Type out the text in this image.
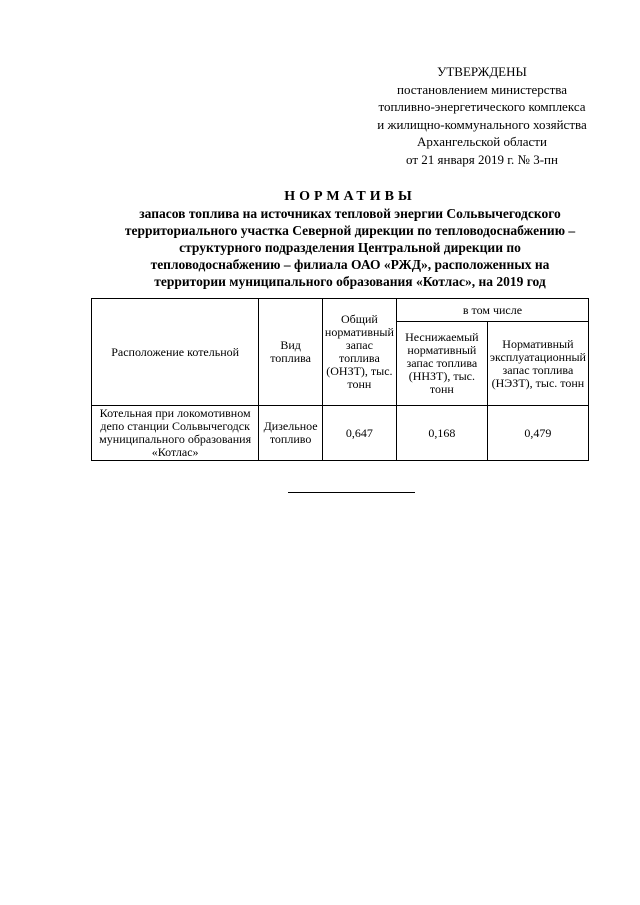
УТВЕРЖДЕНЫ
постановлением министерства
топливно-энергетического комплекса
и жилищно-коммунального хозяйства
Архангельской области
от 21 января 2019 г. № 3-пн
НОРМАТИВЫ
запасов топлива на источниках тепловой энергии Сольвычегодского
территориального участка Северной дирекции по тепловодоснабжению –
структурного подразделения Центральной дирекции по
тепловодоснабжению – филиала ОАО «РЖД», расположенных на
территории муниципального образования «Котлас», на 2019 год
Расположение котельной	Вид топлива	Общий нормативный запас топлива (ОНЗТ), тыс. тонн	в том числе	
			Неснижаемый нормативный запас топлива (ННЗТ), тыс. тонн	Нормативный эксплуатационный запас топлива (НЭЗТ), тыс. тонн
Котельная при локомотивном депо станции Сольвычегодск муниципального образования «Котлас»	Дизельное топливо	0,647	0,168	0,479
